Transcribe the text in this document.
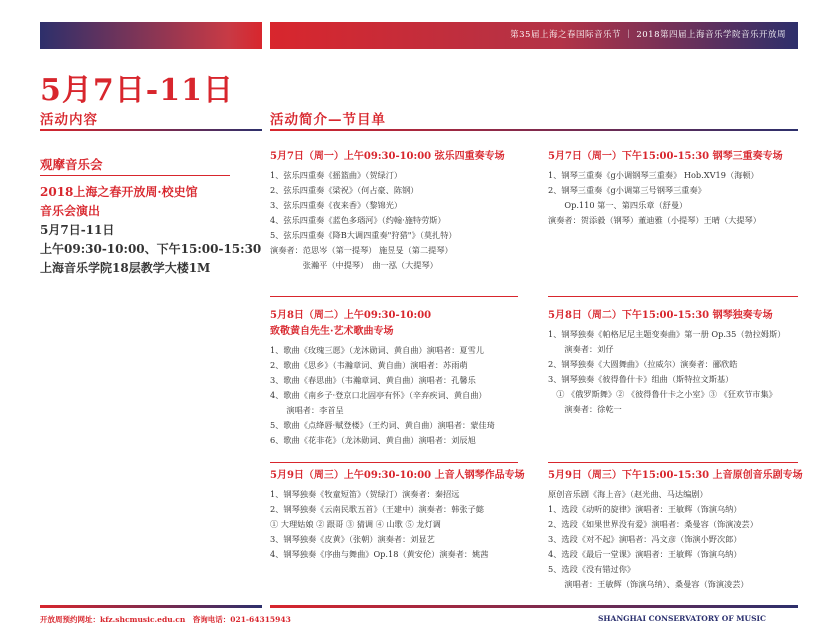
第35届上海之春国际音乐节 ｜ 2018第四届上海音乐学院音乐开放周
5月7日-11日
活动内容
观摩音乐会
2018上海之春开放周·校史馆
音乐会演出
5月7日-11日
上午09:30-10:00、下午15:00-15:30
上海音乐学院18层教学大楼1M
活动简介—节目单
5月7日（周一）上午09:30-10:00 弦乐四重奏专场
1、弦乐四重奏《摇篮曲》（贺绿汀）
2、弦乐四重奏《梁祝》（何占豪、陈钢）
3、弦乐四重奏《夜来香》（黎锦光）
4、弦乐四重奏《蓝色多瑙河》（约翰·施特劳斯）
5、弦乐四重奏《降B大调四重奏"狩猎"》（莫扎特）
演奏者：范思岑（第一提琴） 施昱旻（第二提琴）
　　　　张瀚平（中提琴）　曲一泓（大提琴）
5月7日（周一）下午15:00-15:30 钢琴三重奏专场
1、钢琴三重奏《g小调钢琴三重奏》 Hob.XV19（海顿）
2、钢琴三重奏《g小调第三号钢琴三重奏》
　　Op.110 第一、第四乐章（舒曼）
演奏者：贺添毅（钢琴）董迪雅（小提琴）王晴（大提琴）
5月8日（周二）上午09:30-10:00
致敬黄自先生·艺术歌曲专场
1、歌曲《玫瑰三愿》（龙沐勋词、黄自曲）演唱者：夏雪儿
2、歌曲《思乡》（韦瀚章词、黄自曲）演唱者：苏雨萌
3、歌曲《春思曲》（韦瀚章词、黄自曲）演唱者：孔馨乐
4、歌曲《南乡子·登京口北固亭有怀》（辛弃疾词、黄自曲）
　　演唱者：李首呈
5、歌曲《点绛唇·赋登楼》（王灼词、黄自曲）演唱者：蒙佳琦
6、歌曲《花非花》（龙沐勋词、黄自曲）演唱者：刘辰旭
5月8日（周二）下午15:00-15:30 钢琴独奏专场
1、钢琴独奏《帕格尼尼主题变奏曲》第一册 Op.35（勃拉姆斯）
　　演奏者：刘仔
2、钢琴独奏《大圆舞曲》（拉威尔）演奏者：郦欣皓
3、钢琴独奏《彼得鲁什卡》组曲（斯特拉文斯基）
　① 《俄罗斯舞》② 《彼得鲁什卡之小室》③ 《狂欢节市集》
　　演奏者：徐乾一
5月9日（周三）上午09:30-10:00 上音人钢琴作品专场
1、钢琴独奏《牧童短笛》（贺绿汀）演奏者：秦招远
2、钢琴独奏《云南民歌五首》（王建中）演奏者：韩张子懿
① 大理姑娘 ② 跟哥 ③ 猜调 ④ 山歌 ⑤ 龙灯调
3、钢琴独奏《皮黄》（张朝）演奏者：刘显艺
4、钢琴独奏《序曲与舞曲》Op.18（黄安伦）演奏者：姚茜
5月9日（周三）下午15:00-15:30 上音原创音乐剧专场
原创音乐剧《海上音》（赵光曲、马达编剧）
1、选段《动听的旋律》演唱者：王敏辉（饰演乌纳）
2、选段《如果世界没有爱》演唱者：桑曼容（饰演凌芸）
3、选段《对不起》演唱者：冯文彦（饰演小野次郎）
4、选段《最后一堂课》演唱者：王敏辉（饰演乌纳）
5、选段《没有错过你》
　　演唱者：王敏辉（饰演乌纳）、桑曼容（饰演凌芸）
开放周预约网址：kfz.shcmusic.edu.cn　咨询电话：021-64315943	SHANGHAI CONSERVATORY OF MUSIC
